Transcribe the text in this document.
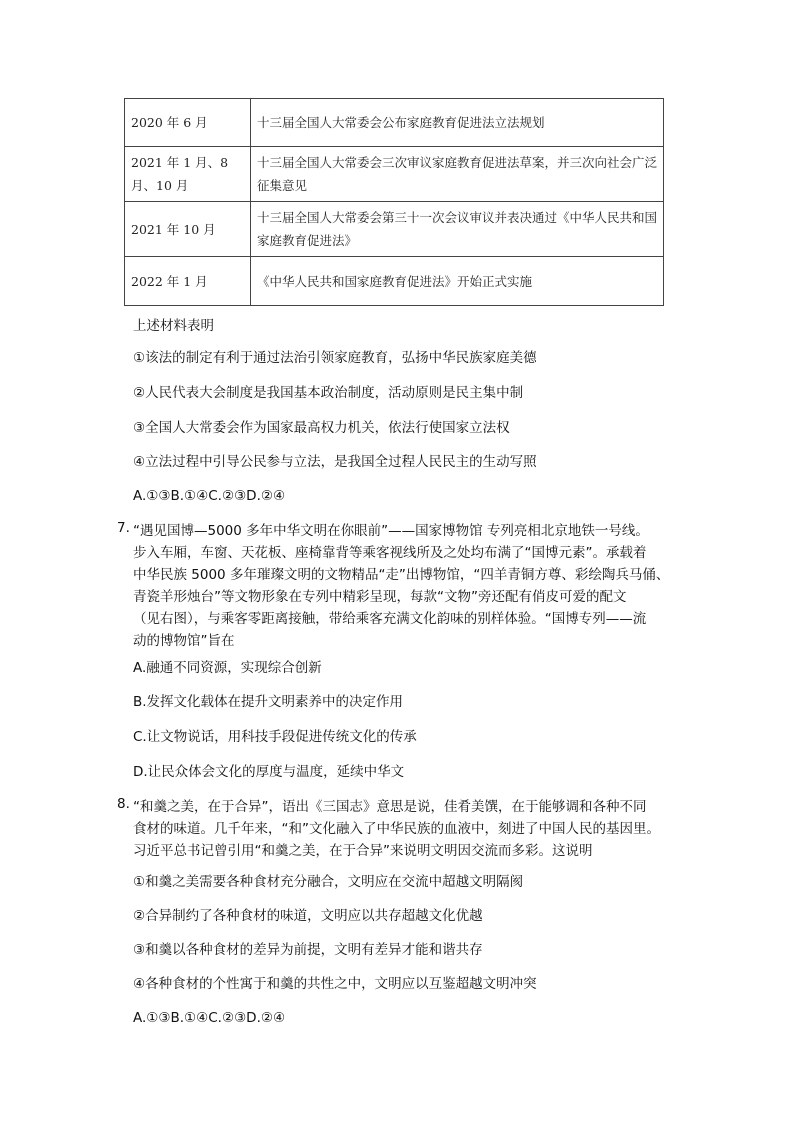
2020 年 6 月	十三届全国人大常委会公布家庭教育促进法立法规划
2021 年 1 月、8 月、10 月	十三届全国人大常委会三次审议家庭教育促进法草案，并三次向社会广泛征集意见
2021 年 10 月	十三届全国人大常委会第三十一次会议审议并表决通过《中华人民共和国家庭教育促进法》
2022 年 1 月	《中华人民共和国家庭教育促进法》开始正式实施
上述材料表明
①该法的制定有利于通过法治引领家庭教育，弘扬中华民族家庭美德
②人民代表大会制度是我国基本政治制度，活动原则是民主集中制
③全国人大常委会作为国家最高权力机关，依法行使国家立法权
④立法过程中引导公民参与立法，是我国全过程人民民主的生动写照
A.①③B.①④C.②③D.②④
7. “遇见国博—5000 多年中华文明在你眼前”——国家博物馆 专列亮相北京地铁一号线。
步入车厢，车窗、天花板、座椅靠背等乘客视线所及之处均布满了“国博元素”。承载着
中华民族 5000 多年璀璨文明的文物精品“走”出博物馆，“四羊青铜方尊、彩绘陶兵马俑、
青瓷羊形烛台”等文物形象在专列中精彩呈现，每款“文物”旁还配有俏皮可爱的配文
（见右图），与乘客零距离接触，带给乘客充满文化韵味的别样体验。“国博专列——流
动的博物馆”旨在
A.融通不同资源，实现综合创新
B.发挥文化载体在提升文明素养中的决定作用
C.让文物说话，用科技手段促进传统文化的传承
D.让民众体会文化的厚度与温度，延续中华文
8. “和羹之美，在于合异”，语出《三国志》意思是说，佳肴美馔，在于能够调和各种不同
食材的味道。几千年来，“和”文化融入了中华民族的血液中，刻进了中国人民的基因里。
习近平总书记曾引用“和羹之美，在于合异”来说明文明因交流而多彩。这说明
①和羹之美需要各种食材充分融合，文明应在交流中超越文明隔阂
②合异制约了各种食材的味道，文明应以共存超越文化优越
③和羹以各种食材的差异为前提，文明有差异才能和谐共存
④各种食材的个性寓于和羹的共性之中，文明应以互鉴超越文明冲突
A.①③B.①④C.②③D.②④
